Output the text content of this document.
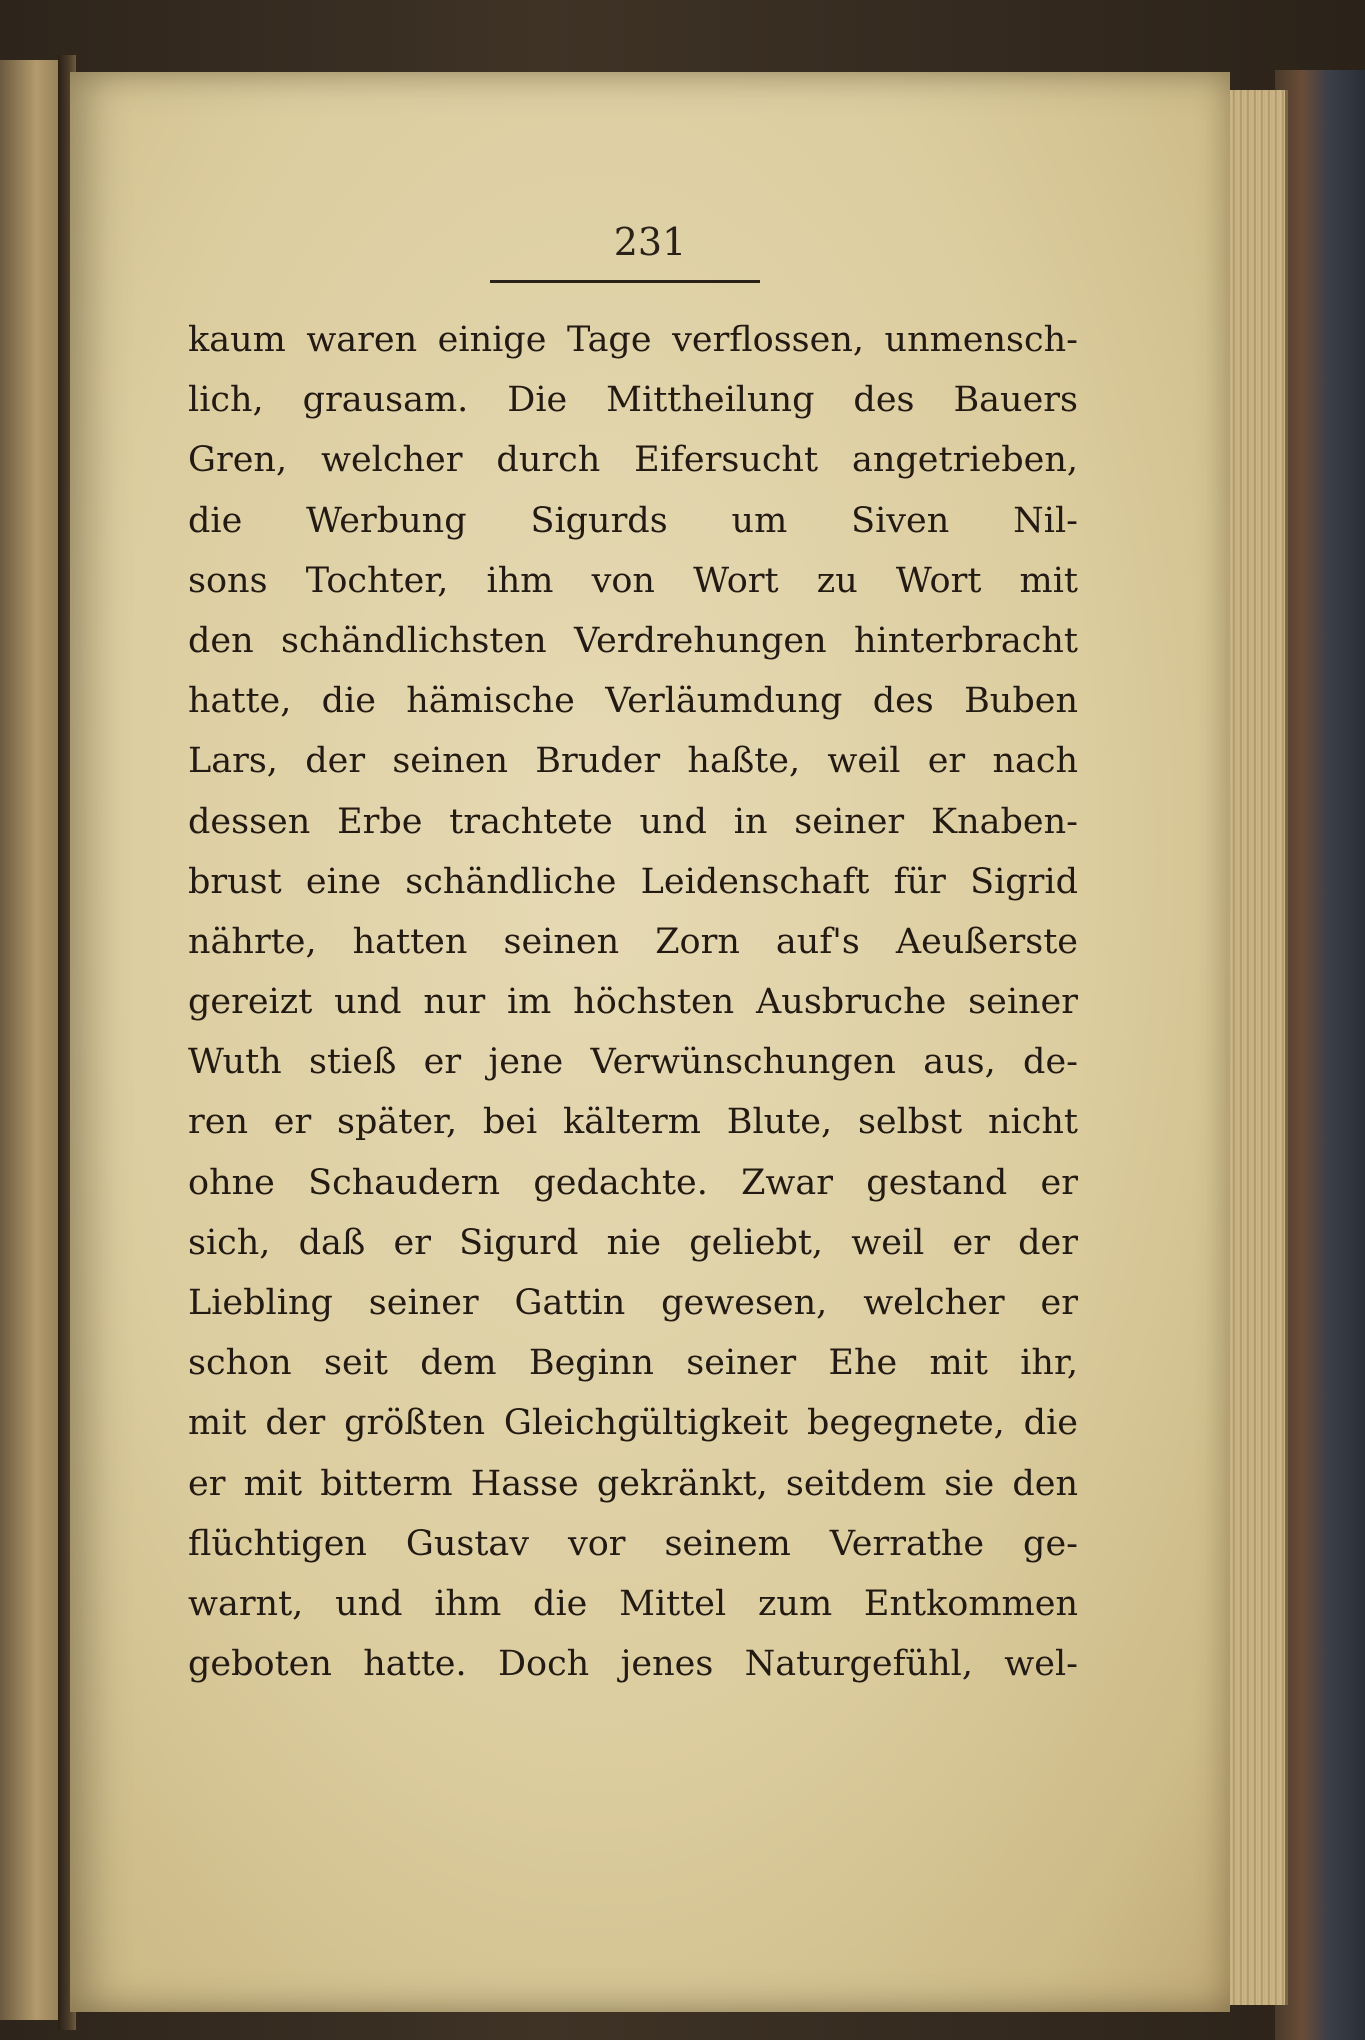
231
kaum waren einige Tage verflossen, unmensch-
lich, grausam. Die Mittheilung des Bauers
Gren, welcher durch Eifersucht angetrieben,
die Werbung Sigurds um Siven Nil-
sons Tochter, ihm von Wort zu Wort mit
den schändlichsten Verdrehungen hinterbracht
hatte, die hämische Verläumdung des Buben
Lars, der seinen Bruder haßte, weil er nach
dessen Erbe trachtete und in seiner Knaben-
brust eine schändliche Leidenschaft für Sigrid
nährte, hatten seinen Zorn auf's Aeußerste
gereizt und nur im höchsten Ausbruche seiner
Wuth stieß er jene Verwünschungen aus, de-
ren er später, bei kälterm Blute, selbst nicht
ohne Schaudern gedachte. Zwar gestand er
sich, daß er Sigurd nie geliebt, weil er der
Liebling seiner Gattin gewesen, welcher er
schon seit dem Beginn seiner Ehe mit ihr,
mit der größten Gleichgültigkeit begegnete, die
er mit bitterm Hasse gekränkt, seitdem sie den
flüchtigen Gustav vor seinem Verrathe ge-
warnt, und ihm die Mittel zum Entkommen
geboten hatte. Doch jenes Naturgefühl, wel-
